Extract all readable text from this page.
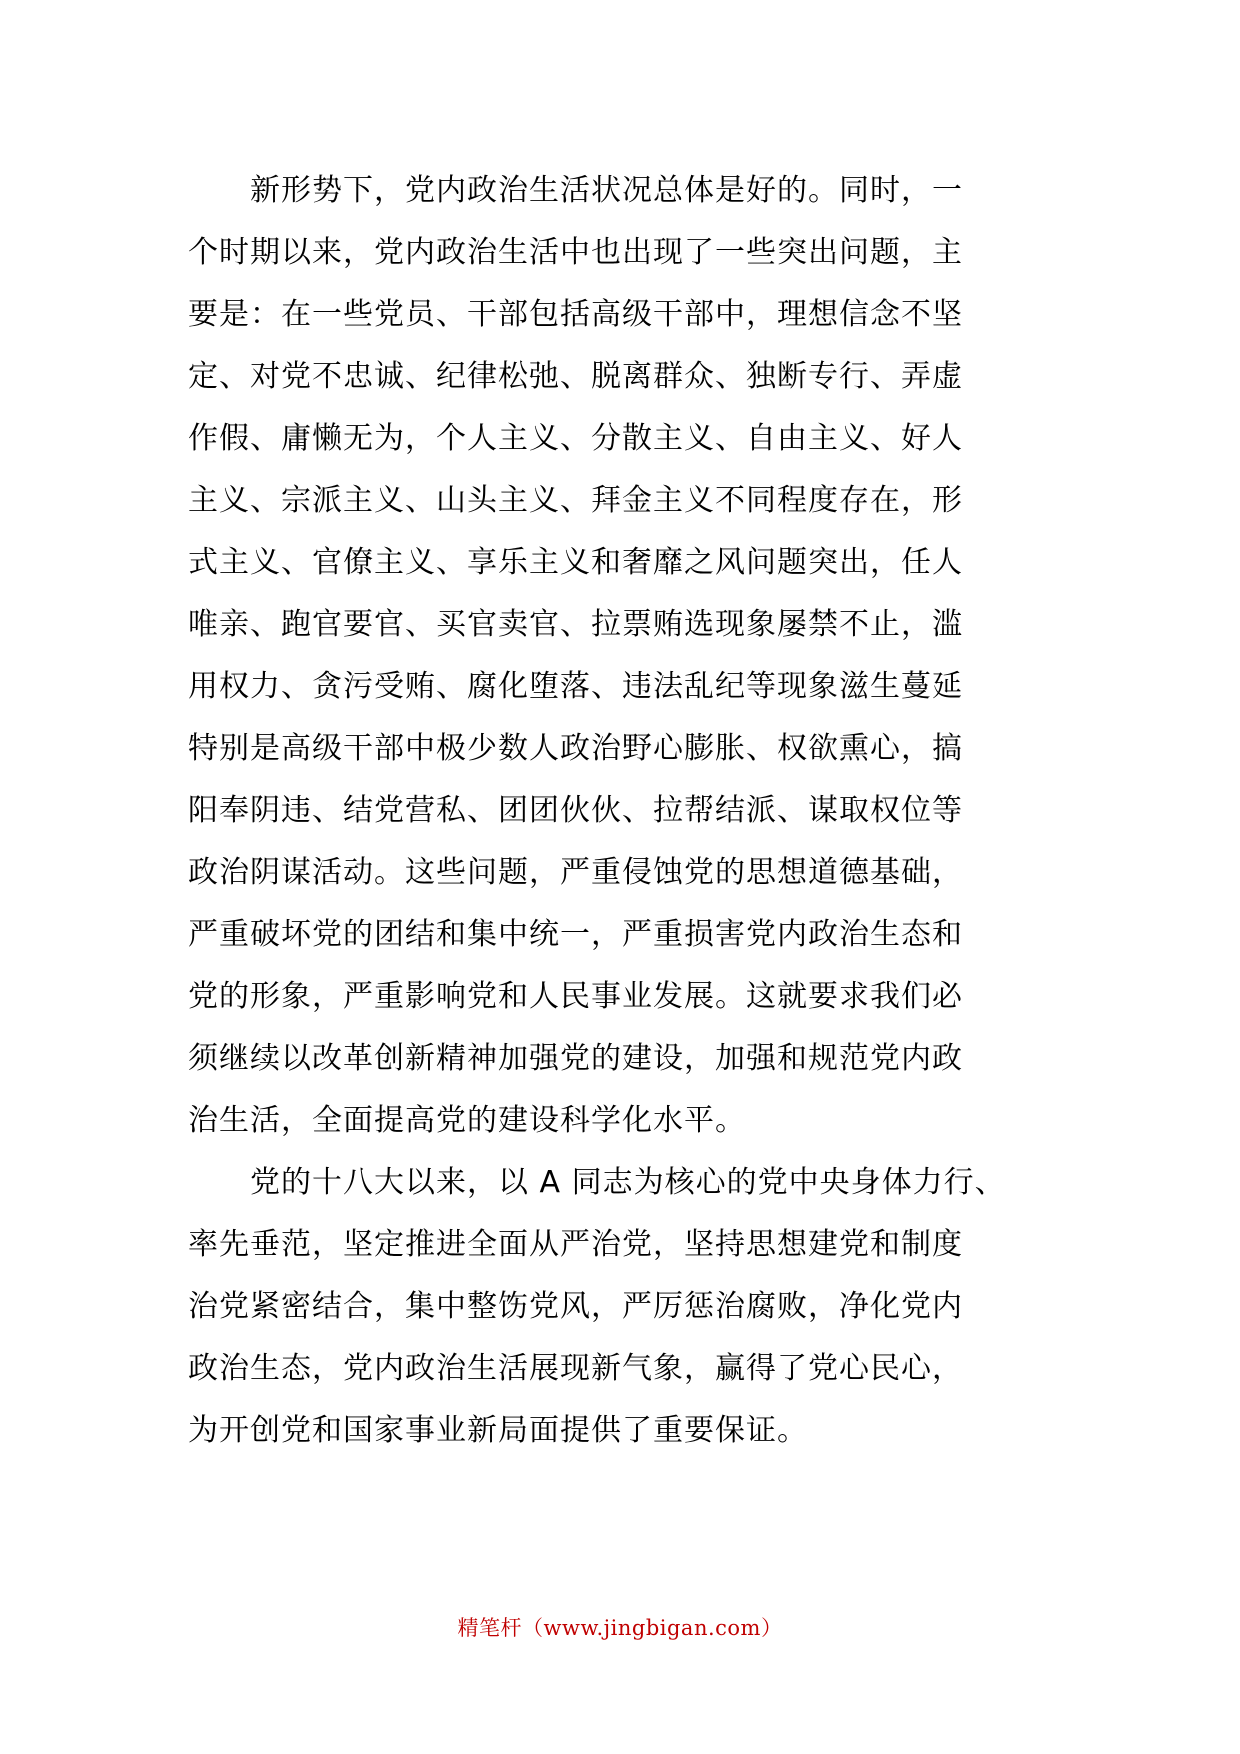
新形势下，党内政治生活状况总体是好的。同时，一
个时期以来，党内政治生活中也出现了一些突出问题，主
要是：在一些党员、干部包括高级干部中，理想信念不坚
定、对党不忠诚、纪律松弛、脱离群众、独断专行、弄虚
作假、庸懒无为，个人主义、分散主义、自由主义、好人
主义、宗派主义、山头主义、拜金主义不同程度存在，形
式主义、官僚主义、享乐主义和奢靡之风问题突出，任人
唯亲、跑官要官、买官卖官、拉票贿选现象屡禁不止，滥
用权力、贪污受贿、腐化堕落、违法乱纪等现象滋生蔓延
特别是高级干部中极少数人政治野心膨胀、权欲熏心，搞
阳奉阴违、结党营私、团团伙伙、拉帮结派、谋取权位等
政治阴谋活动。这些问题，严重侵蚀党的思想道德基础，
严重破坏党的团结和集中统一，严重损害党内政治生态和
党的形象，严重影响党和人民事业发展。这就要求我们必
须继续以改革创新精神加强党的建设，加强和规范党内政
治生活，全面提高党的建设科学化水平。
党的十八大以来，以 A 同志为核心的党中央身体力行、
率先垂范，坚定推进全面从严治党，坚持思想建党和制度
治党紧密结合，集中整饬党风，严厉惩治腐败，净化党内
政治生态，党内政治生活展现新气象，赢得了党心民心，
为开创党和国家事业新局面提供了重要保证。
精笔杆（www.jingbigan.com）
